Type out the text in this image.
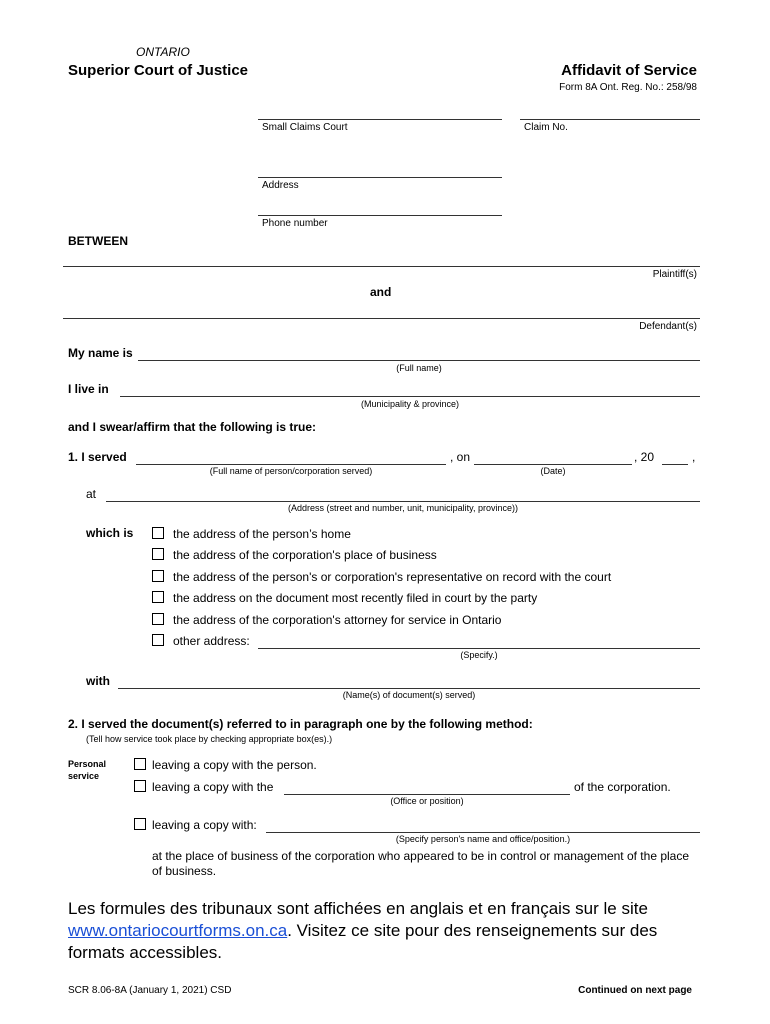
ONTARIO
Superior Court of Justice	Affidavit of Service
Form 8A Ont. Reg. No.: 258/98
Small Claims Court	Claim No.
Address
Phone number
BETWEEN
Plaintiff(s)
and
Defendant(s)
My name is
(Full name)
I live in
(Municipality & province)
and I swear/affirm that the following is true:
1. I served
(Full name of person/corporation served)
, on
(Date)
, 20	,
at
(Address (street and number, unit, municipality, province))
which is	the address of the person’s home
the address of the corporation's place of business
the address of the person's or corporation's representative on record with the court
the address on the document most recently filed in court by the party
the address of the corporation's attorney for service in Ontario
other address:
(Specify.)
with
(Name(s) of document(s) served)
2. I served the document(s) referred to in paragraph one by the following method:
(Tell how service took place by checking appropriate box(es).)
Personal
service
leaving a copy with the person.
leaving a copy with the
(Office or position)
of the corporation.
leaving a copy with:
(Specify person's name and office/position.)
at the place of business of the corporation who appeared to be in control or management of the place of business.
Les formules des tribunaux sont affichées en anglais et en français sur le site www.ontariocourtforms.on.ca. Visitez ce site pour des renseignements sur des formats accessibles.
SCR 8.06-8A (January 1, 2021) CSD	Continued on next page
